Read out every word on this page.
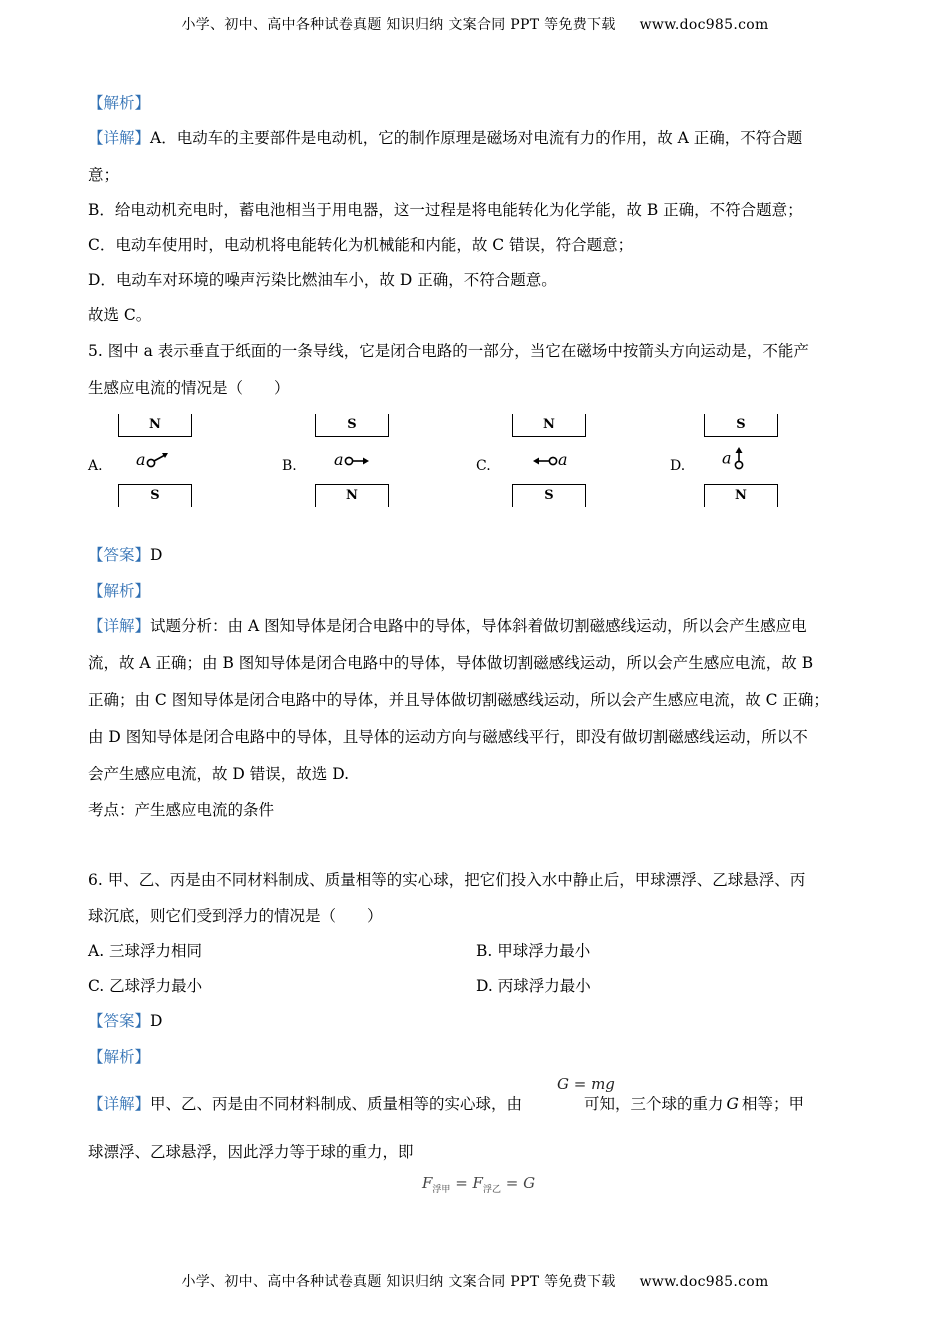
小学、初中、高中各种试卷真题 知识归纳 文案合同 PPT 等免费下载 www.doc985.com
【解析】
【详解】A．电动车的主要部件是电动机，它的制作原理是磁场对电流有力的作用，故 A 正确，不符合题
意；
B．给电动机充电时，蓄电池相当于用电器，这一过程是将电能转化为化学能，故 B 正确，不符合题意；
C．电动车使用时，电动机将电能转化为机械能和内能，故 C 错误，符合题意；
D．电动车对环境的噪声污染比燃油车小，故 D 正确，不符合题意。
故选 C。
5. 图中 a 表示垂直于纸面的一条导线，它是闭合电路的一部分，当它在磁场中按箭头方向运动是，不能产
生感应电流的情况是（　　）
A.
N
a
S
B.
S
a
N
C.
N
a
S
D.
S
a
N
【答案】D
【解析】
【详解】试题分析：由 A 图知导体是闭合电路中的导体，导体斜着做切割磁感线运动，所以会产生感应电
流，故 A 正确；由 B 图知导体是闭合电路中的导体，导体做切割磁感线运动，所以会产生感应电流，故 B
正确；由 C 图知导体是闭合电路中的导体，并且导体做切割磁感线运动，所以会产生感应电流，故 C 正确；
由 D 图知导体是闭合电路中的导体，且导体的运动方向与磁感线平行，即没有做切割磁感线运动，所以不
会产生感应电流，故 D 错误，故选 D.
考点：产生感应电流的条件
6. 甲、乙、丙是由不同材料制成、质量相等的实心球，把它们投入水中静止后，甲球漂浮、乙球悬浮、丙
球沉底，则它们受到浮力的情况是（　　）
A. 三球浮力相同	B. 甲球浮力最小
C. 乙球浮力最小	D. 丙球浮力最小
【答案】D
【解析】
【详解】甲、乙、丙是由不同材料制成、质量相等的实心球，由	可知，三个球的重力 G 相等；甲
G = mg
球漂浮、乙球悬浮，因此浮力等于球的重力，即
$F_{浮甲} = F_{浮乙} = G$
小学、初中、高中各种试卷真题 知识归纳 文案合同 PPT 等免费下载 www.doc985.com
